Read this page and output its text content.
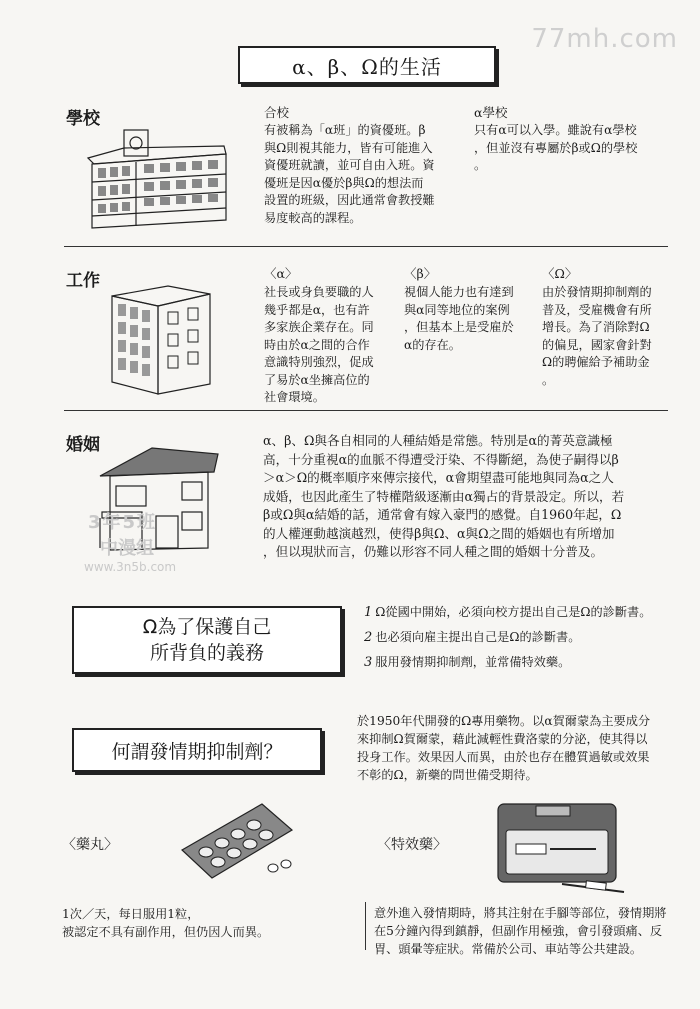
77mh.com
α、β、Ω的生活
學校	合校
有被稱為「α班」的資優班。β
與Ω則視其能力，皆有可能進入
資優班就讀，並可自由入班。資
優班是因α優於β與Ω的想法而
設置的班級，因此通常會教授難
易度較高的課程。
α學校
只有α可以入學。雖說有α學校
，但並沒有專屬於β或Ω的學校
。
工作	〈α〉
社長或身負要職的人
幾乎都是α，也有許
多家族企業存在。同
時由於α之間的合作
意識特別強烈，促成
了易於α坐擁高位的
社會環境。
〈β〉
視個人能力也有達到
與α同等地位的案例
，但基本上是受雇於
α的存在。
〈Ω〉
由於發情期抑制劑的
普及，受雇機會有所
增長。為了消除對Ω
的偏見，國家會針對
Ω的聘僱給予補助金
。
婚姻	α、β、Ω與各自相同的人種結婚是常態。特別是α的菁英意識極
高，十分重視α的血脈不得遭受汙染、不得斷絕，為使子嗣得以β
＞α＞Ω的概率順序來傳宗接代，α會期望盡可能地與同為α之人
成婚，也因此產生了特權階級逐漸由α獨占的背景設定。所以，若
β或Ω與α結婚的話，通常會有嫁入豪門的感覺。自1960年起，Ω
的人權運動越演越烈，使得β與Ω、α與Ω之間的婚姻也有所增加
，但以現狀而言，仍難以形容不同人種之間的婚姻十分普及。
3年5班
中漫组
www.3n5b.com
Ω為了保護自己
所背負的義務
1 Ω從國中開始，必須向校方提出自己是Ω的診斷書。
2 也必須向雇主提出自己是Ω的診斷書。
3 服用發情期抑制劑，並常備特效藥。
何謂發情期抑制劑？
於1950年代開發的Ω專用藥物。以α賀爾蒙為主要成分
來抑制Ω賀爾蒙，藉此減輕性費洛蒙的分泌，使其得以
投身工作。效果因人而異，由於也存在體質過敏或效果
不彰的Ω，新藥的問世備受期待。
〈藥丸〉
1次／天，每日服用1粒，
被認定不具有副作用，但仍因人而異。
〈特效藥〉
意外進入發情期時，將其注射在手腳等部位，發情期將
在5分鐘內得到鎮靜，但副作用極強，會引發頭痛、反
胃、頭暈等症狀。常備於公司、車站等公共建設。
